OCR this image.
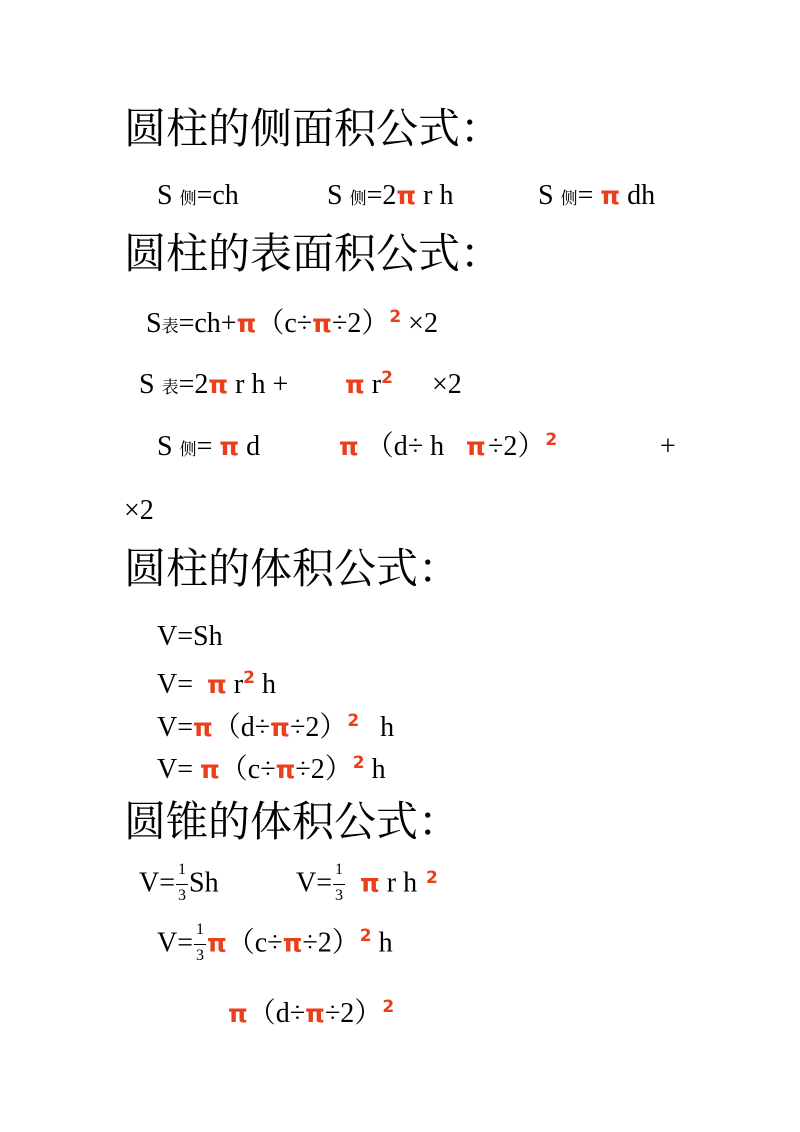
圆柱的侧面积公式：
S 侧=ch	S 侧=2π r h	S 侧= π dh
圆柱的表面积公式：
S表$=ch+\pi(c\div\pi\div 2)^2 \times 2$
S 表=2π r h + π $r^2 \times 2$
S 侧= π d	π （d÷ h π ÷2）$^2$	+
×2
圆柱的体积公式：
V=Sh
V= π $r^2$ h
$V=\pi(d\div\pi\div 2)^2$ h
$V= \pi(c\div\pi\div 2)^2$ h
圆锥的体积公式：
$V= \frac{1}{3}$ Sh	$V= \frac{1}{3}$ π r h 2
$V= \frac{1}{3} \pi(c\div\pi\div 2)^2$ h
$\pi(d\div\pi\div 2)^2$
